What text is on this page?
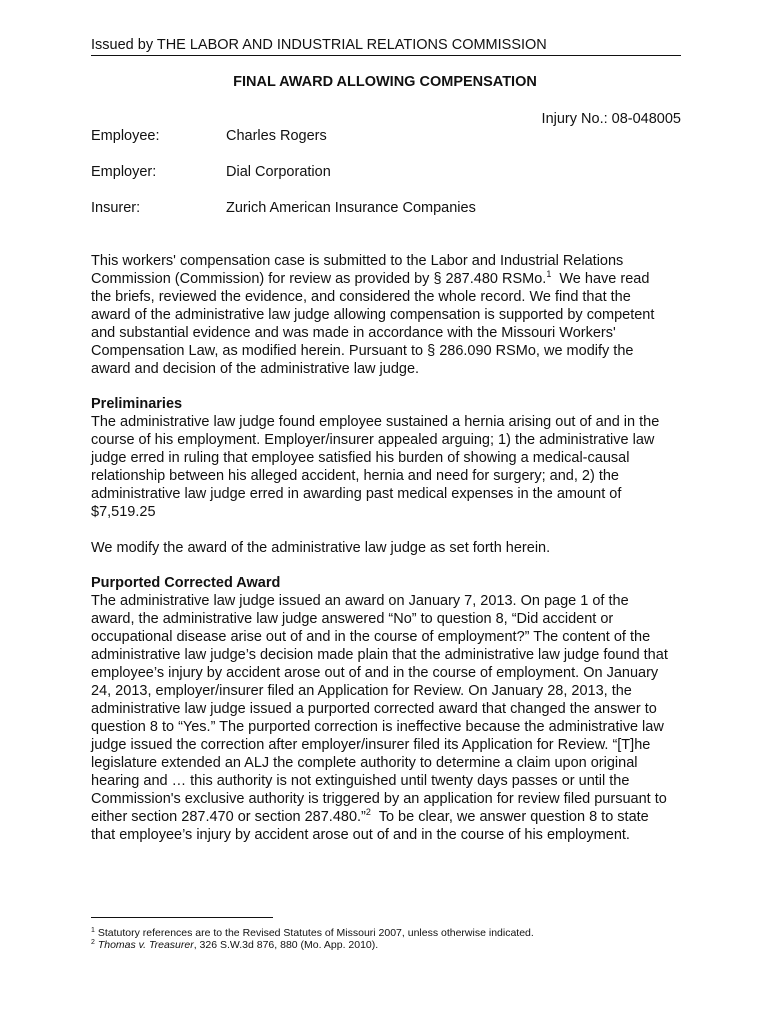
Issued by THE LABOR AND INDUSTRIAL RELATIONS COMMISSION
FINAL AWARD ALLOWING COMPENSATION
Injury No.: 08-048005
Employee:	Charles Rogers
Employer:	Dial Corporation
Insurer:	Zurich American Insurance Companies

This workers' compensation case is submitted to the Labor and Industrial Relations
Commission (Commission) for review as provided by § 287.480 RSMo.$^1$  We have read
the briefs, reviewed the evidence, and considered the whole record. We find that the
award of the administrative law judge allowing compensation is supported by competent
and substantial evidence and was made in accordance with the Missouri Workers'
Compensation Law, as modified herein. Pursuant to § 286.090 RSMo, we modify the
award and decision of the administrative law judge.

Preliminaries
The administrative law judge found employee sustained a hernia arising out of and in the
course of his employment. Employer/insurer appealed arguing; 1) the administrative law
judge erred in ruling that employee satisfied his burden of showing a medical-causal
relationship between his alleged accident, hernia and need for surgery; and, 2) the
administrative law judge erred in awarding past medical expenses in the amount of
$7,519.25

We modify the award of the administrative law judge as set forth herein.

Purported Corrected Award
The administrative law judge issued an award on January 7, 2013. On page 1 of the
award, the administrative law judge answered “No” to question 8, “Did accident or
occupational disease arise out of and in the course of employment?” The content of the
administrative law judge’s decision made plain that the administrative law judge found that
employee’s injury by accident arose out of and in the course of employment. On January
24, 2013, employer/insurer filed an Application for Review. On January 28, 2013, the
administrative law judge issued a purported corrected award that changed the answer to
question 8 to “Yes.” The purported correction is ineffective because the administrative law
judge issued the correction after employer/insurer filed its Application for Review. “[T]he
legislature extended an ALJ the complete authority to determine a claim upon original
hearing and … this authority is not extinguished until twenty days passes or until the
Commission's exclusive authority is triggered by an application for review filed pursuant to
either section 287.470 or section 287.480.”$^2$  To be clear, we answer question 8 to state
that employee’s injury by accident arose out of and in the course of his employment.

$^1$ Statutory references are to the Revised Statutes of Missouri 2007, unless otherwise indicated.
$^2$ Thomas v. Treasurer, 326 S.W.3d 876, 880 (Mo. App. 2010).
